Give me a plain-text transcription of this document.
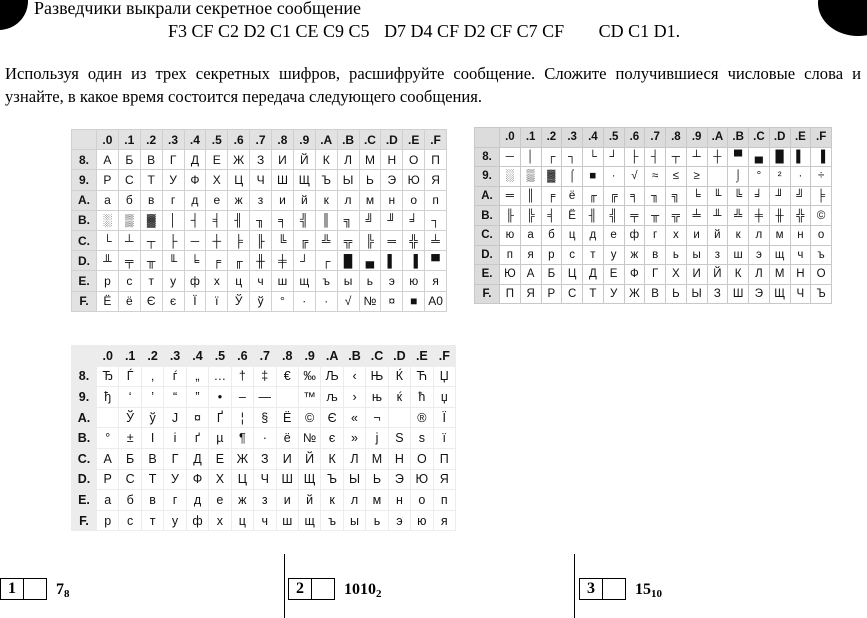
Разведчики выкрали секретное сообщение
F3 CF C2 D2 C1 CE C9 C5 D7 D4 CF D2 CF C7 CF CD C1 D1.
Используя один из трех секретных шифров, расшифруйте сообщение. Сложите получившиеся числовые слова и узнайте, в какое время состоится передача следующего сообщения.
	.0	.1	.2	.3	.4	.5	.6	.7	.8	.9	.A	.B	.C	.D	.E	.F
8.	А	Б	В	Г	Д	Е	Ж	З	И	Й	К	Л	М	Н	О	П
9.	Р	С	Т	У	Ф	Х	Ц	Ч	Ш	Щ	Ъ	Ы	Ь	Э	Ю	Я
A.	а	б	в	г	д	е	ж	з	и	й	к	л	м	н	о	п
B.	░	▒	▓	│	┤	╡	╢	╖	╕	╣	║	╗	╝	╜	╛	┐
C.	└	┴	┬	├	─	┼	╞	╟	╚	╔	╩	╦	╠	═	╬	╧
D.	╨	╤	╥	╙	╘	╒	╓	╫	╪	┘	┌	█	▄	▌	▐	▀
E.	р	с	т	у	ф	х	ц	ч	ш	щ	ъ	ы	ь	э	ю	я
F.	Ё	ё	Є	є	Ї	ї	Ў	ў	°	∙	·	√	№	¤	■	A0
	.0	.1	.2	.3	.4	.5	.6	.7	.8	.9	.A	.B	.C	.D	.E	.F
8.	─	│	┌	┐	└	┘	├	┤	┬	┴	┼	▀	▄	█	▌	▐
9.	░	▒	▓	⌠	■	∙	√	≈	≤	≥		⌡	°	²	·	÷
A.	═	║	╒	ё	╓	╔	╕	╖	╗	╘	╙	╚	╛	╜	╝	╞
B.	╟	╠	╡	Ё	╢	╣	╤	╥	╦	╧	╨	╩	╪	╫	╬	©
C.	ю	а	б	ц	д	е	ф	г	х	и	й	к	л	м	н	о
D.	п	я	р	с	т	у	ж	в	ь	ы	з	ш	э	щ	ч	ъ
E.	Ю	А	Б	Ц	Д	Е	Ф	Г	Х	И	Й	К	Л	М	Н	О
F.	П	Я	Р	С	Т	У	Ж	В	Ь	Ы	З	Ш	Э	Щ	Ч	Ъ
	.0	.1	.2	.3	.4	.5	.6	.7	.8	.9	.A	.B	.C	.D	.E	.F
8.	Ђ	Ѓ	‚	ѓ	„	…	†	‡	€	‰	Љ	‹	Њ	Ќ	Ћ	Џ
9.	ђ	‘	’	“	”	•	–	—		™	љ	›	њ	ќ	ћ	џ
A.		Ў	ў	Ј	¤	Ґ	¦	§	Ё	©	Є	«	¬		®	Ї
B.	°	±	І	і	ґ	µ	¶	·	ё	№	є	»	ј	Ѕ	ѕ	ї
C.	А	Б	В	Г	Д	Е	Ж	З	И	Й	К	Л	М	Н	О	П
D.	Р	С	Т	У	Ф	Х	Ц	Ч	Ш	Щ	Ъ	Ы	Ь	Э	Ю	Я
E.	а	б	в	г	д	е	ж	з	и	й	к	л	м	н	о	п
F.	р	с	т	у	ф	х	ц	ч	ш	щ	ъ	ы	ь	э	ю	я
1	$7_8$	2	$1010_2$	3	$15_{10}$
